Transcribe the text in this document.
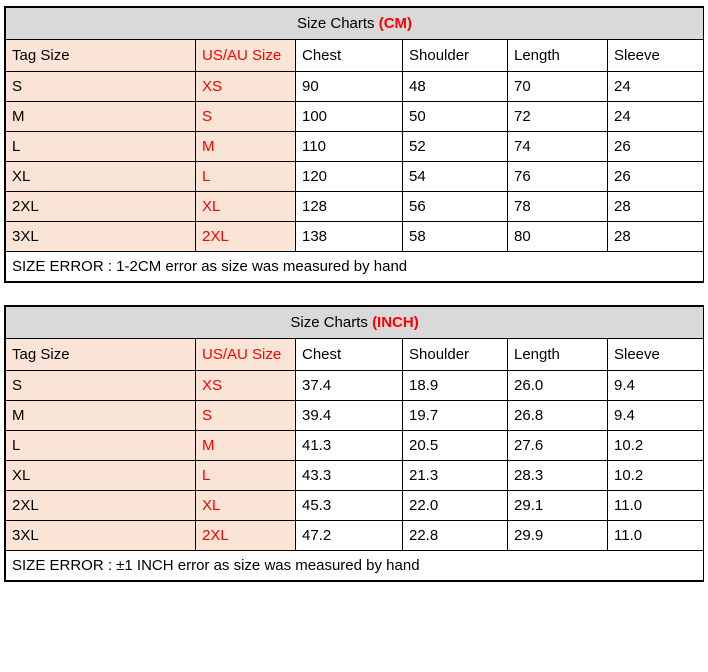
Size Charts (CM)					
Tag Size	US/AU Size	Chest	Shoulder	Length	Sleeve
S	XS	90	48	70	24
M	S	100	50	72	24
L	M	110	52	74	26
XL	L	120	54	76	26
2XL	XL	128	56	78	28
3XL	2XL	138	58	80	28
SIZE ERROR : 1-2CM error as size was measured by hand					
Size Charts (INCH)					
Tag Size	US/AU Size	Chest	Shoulder	Length	Sleeve
S	XS	37.4	18.9	26.0	9.4
M	S	39.4	19.7	26.8	9.4
L	M	41.3	20.5	27.6	10.2
XL	L	43.3	21.3	28.3	10.2
2XL	XL	45.3	22.0	29.1	11.0
3XL	2XL	47.2	22.8	29.9	11.0
SIZE ERROR : ±1 INCH error as size was measured by hand					
